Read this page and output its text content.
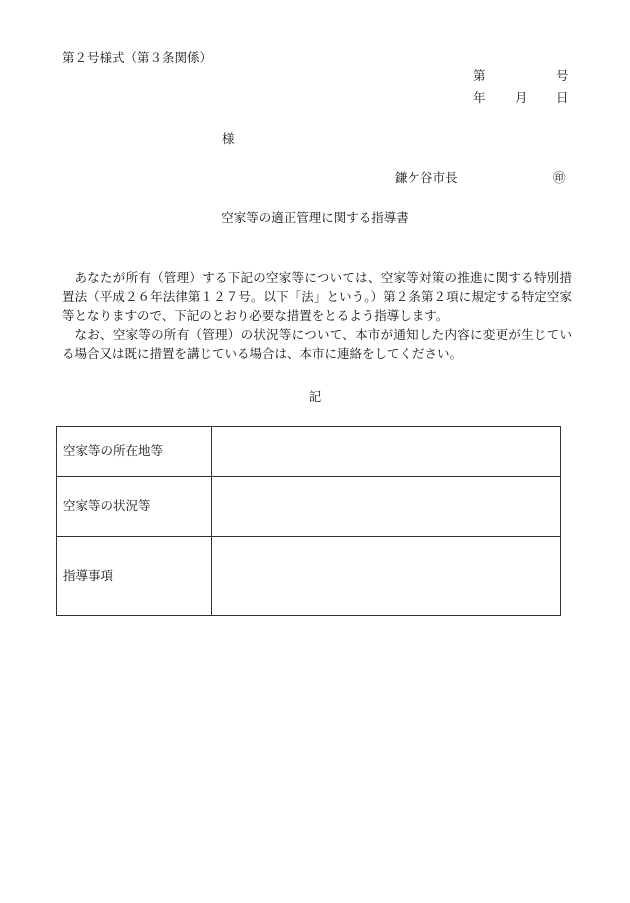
第２号様式（第３条関係）
第	号
年 月 日
様
鎌ケ谷市長	㊞
空家等の適正管理に関する指導書
あなたが所有（管理）する下記の空家等については、空家等対策の推進に関する特別措置法（平成２６年法律第１２７号。以下「法」という。）第２条第２項に規定する特定空家等となりますので、下記のとおり必要な措置をとるよう指導します。
なお、空家等の所有（管理）の状況等について、本市が通知した内容に変更が生じている場合又は既に措置を講じている場合は、本市に連絡をしてください。
記
空家等の所在地等	
空家等の状況等	
指導事項	
